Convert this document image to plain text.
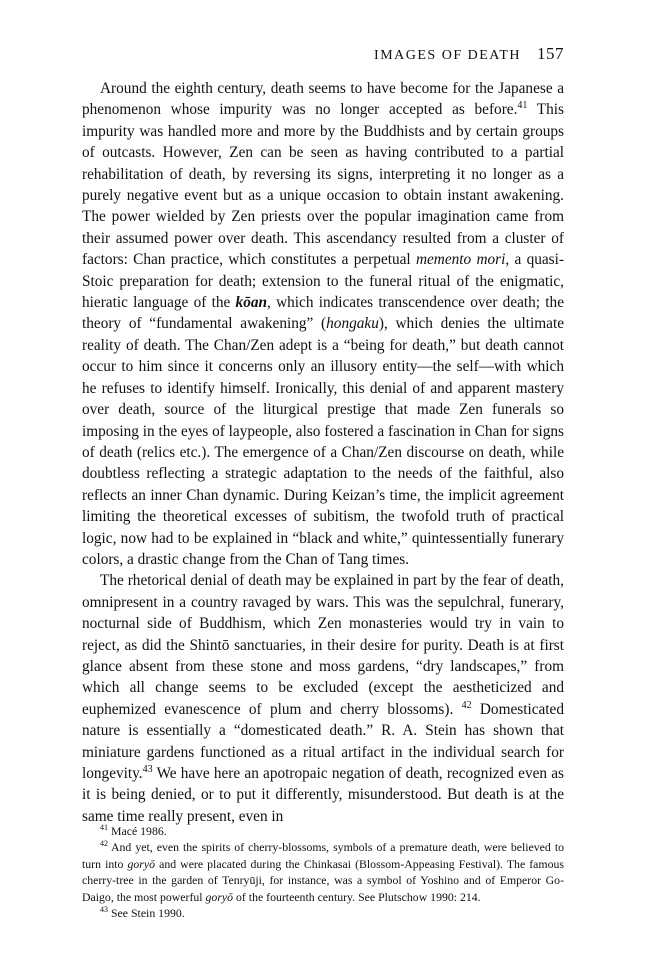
IMAGES OF DEATH 157

Around the eighth century, death seems to have become for the Japanese a phenomenon whose impurity was no longer accepted as before.$^{41}$ This impurity was handled more and more by the Buddhists and by certain groups of outcasts. However, Zen can be seen as having contributed to a partial rehabilitation of death, by reversing its signs, interpreting it no longer as a purely negative event but as a unique occasion to obtain instant awakening. The power wielded by Zen priests over the popular imagination came from their assumed power over death. This ascendancy resulted from a cluster of factors: Chan practice, which constitutes a perpetual memento mori, a quasi-Stoic preparation for death; extension to the funeral ritual of the enigmatic, hieratic language of the kōan, which indicates transcendence over death; the theory of “fundamental awakening” (hongaku), which denies the ultimate reality of death. The Chan/Zen adept is a “being for death,” but death cannot occur to him since it concerns only an illusory entity—the self—with which he refuses to identify himself. Ironically, this denial of and apparent mastery over death, source of the liturgical prestige that made Zen funerals so imposing in the eyes of laypeople, also fostered a fascination in Chan for signs of death (relics etc.). The emergence of a Chan/Zen discourse on death, while doubtless reflecting a strategic adaptation to the needs of the faithful, also reflects an inner Chan dynamic. During Keizan’s time, the implicit agreement limiting the theoretical excesses of subitism, the twofold truth of practical logic, now had to be explained in “black and white,” quintessentially funerary colors, a drastic change from the Chan of Tang times.

The rhetorical denial of death may be explained in part by the fear of death, omnipresent in a country ravaged by wars. This was the sepulchral, funerary, nocturnal side of Buddhism, which Zen monasteries would try in vain to reject, as did the Shintō sanctuaries, in their desire for purity. Death is at first glance absent from these stone and moss gardens, “dry landscapes,” from which all change seems to be excluded (except the aestheticized and euphemized evanescence of plum and cherry blossoms). $^{42}$ Domesticated nature is essentially a “domesticated death.” R. A. Stein has shown that miniature gardens functioned as a ritual artifact in the individual search for longevity.$^{43}$ We have here an apotropaic negation of death, recognized even as it is being denied, or to put it differently, misunderstood. But death is at the same time really present, even in

$^{41}$ Macé 1986.

$^{42}$ And yet, even the spirits of cherry-blossoms, symbols of a premature death, were believed to turn into goryō and were placated during the Chinkasai (Blossom-Appeasing Festival). The famous cherry-tree in the garden of Tenryūji, for instance, was a symbol of Yoshino and of Emperor Go-Daigo, the most powerful goryō of the fourteenth century. See Plutschow 1990: 214.

$^{43}$ See Stein 1990.
